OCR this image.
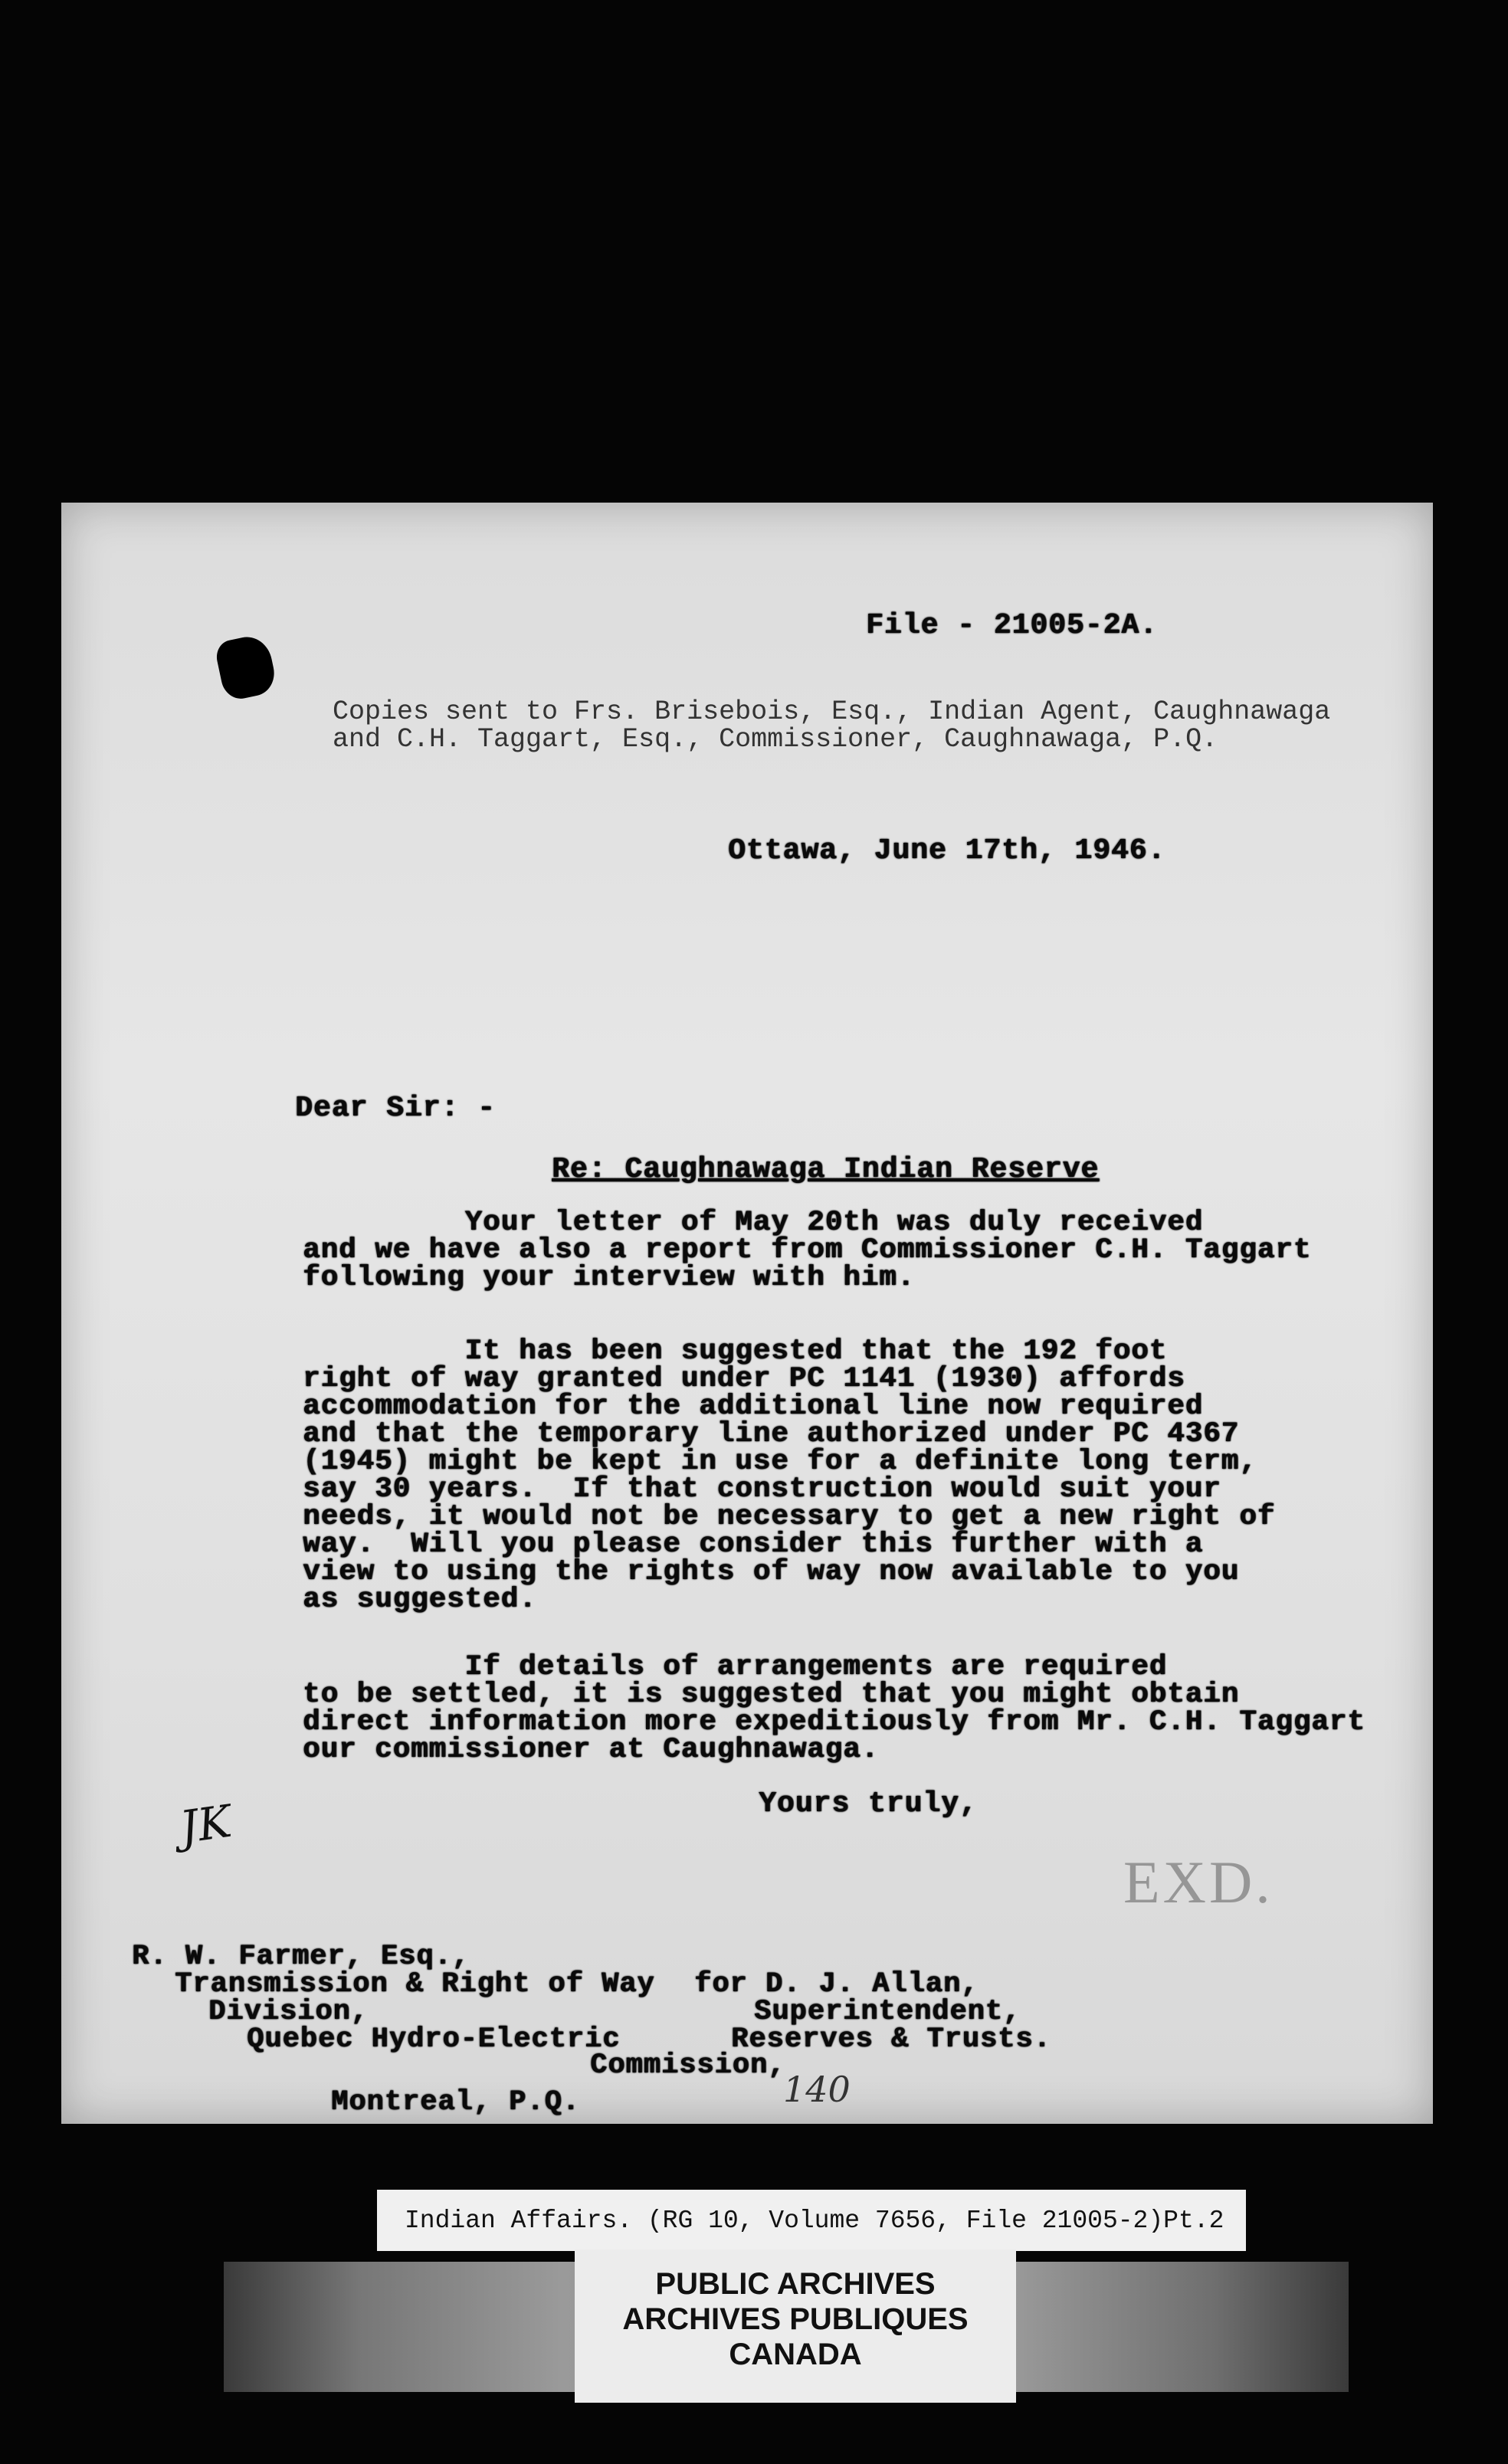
File - 21005-2A.
Copies sent to Frs. Brisebois, Esq., Indian Agent, Caughnawaga
and C.H. Taggart, Esq., Commissioner, Caughnawaga, P.Q.
Ottawa, June 17th, 1946.
Dear Sir: -
Re: Caughnawaga Indian Reserve
Your letter of May 20th was duly received
and we have also a report from Commissioner C.H. Taggart
following your interview with him.
It has been suggested that the 192 foot
right of way granted under PC 1141 (1930) affords
accommodation for the additional line now required
and that the temporary line authorized under PC 4367
(1945) might be kept in use for a definite long term,
say 30 years.  If that construction would suit your
needs, it would not be necessary to get a new right of
way.  Will you please consider this further with a
view to using the rights of way now available to you
as suggested.
If details of arrangements are required
to be settled, it is suggested that you might obtain
direct information more expeditiously from Mr. C.H. Taggart
our commissioner at Caughnawaga.
Yours truly,
JK
EXD.
R. W. Farmer, Esq.,
Transmission & Right of Way
Division,
Quebec Hydro-Electric
Commission,
Montreal, P.Q.
for D. J. Allan,
Superintendent,
Reserves & Trusts.
140
Indian Affairs. (RG 10, Volume 7656, File 21005-2)Pt.2
PUBLIC ARCHIVES
ARCHIVES PUBLIQUES
CANADA
